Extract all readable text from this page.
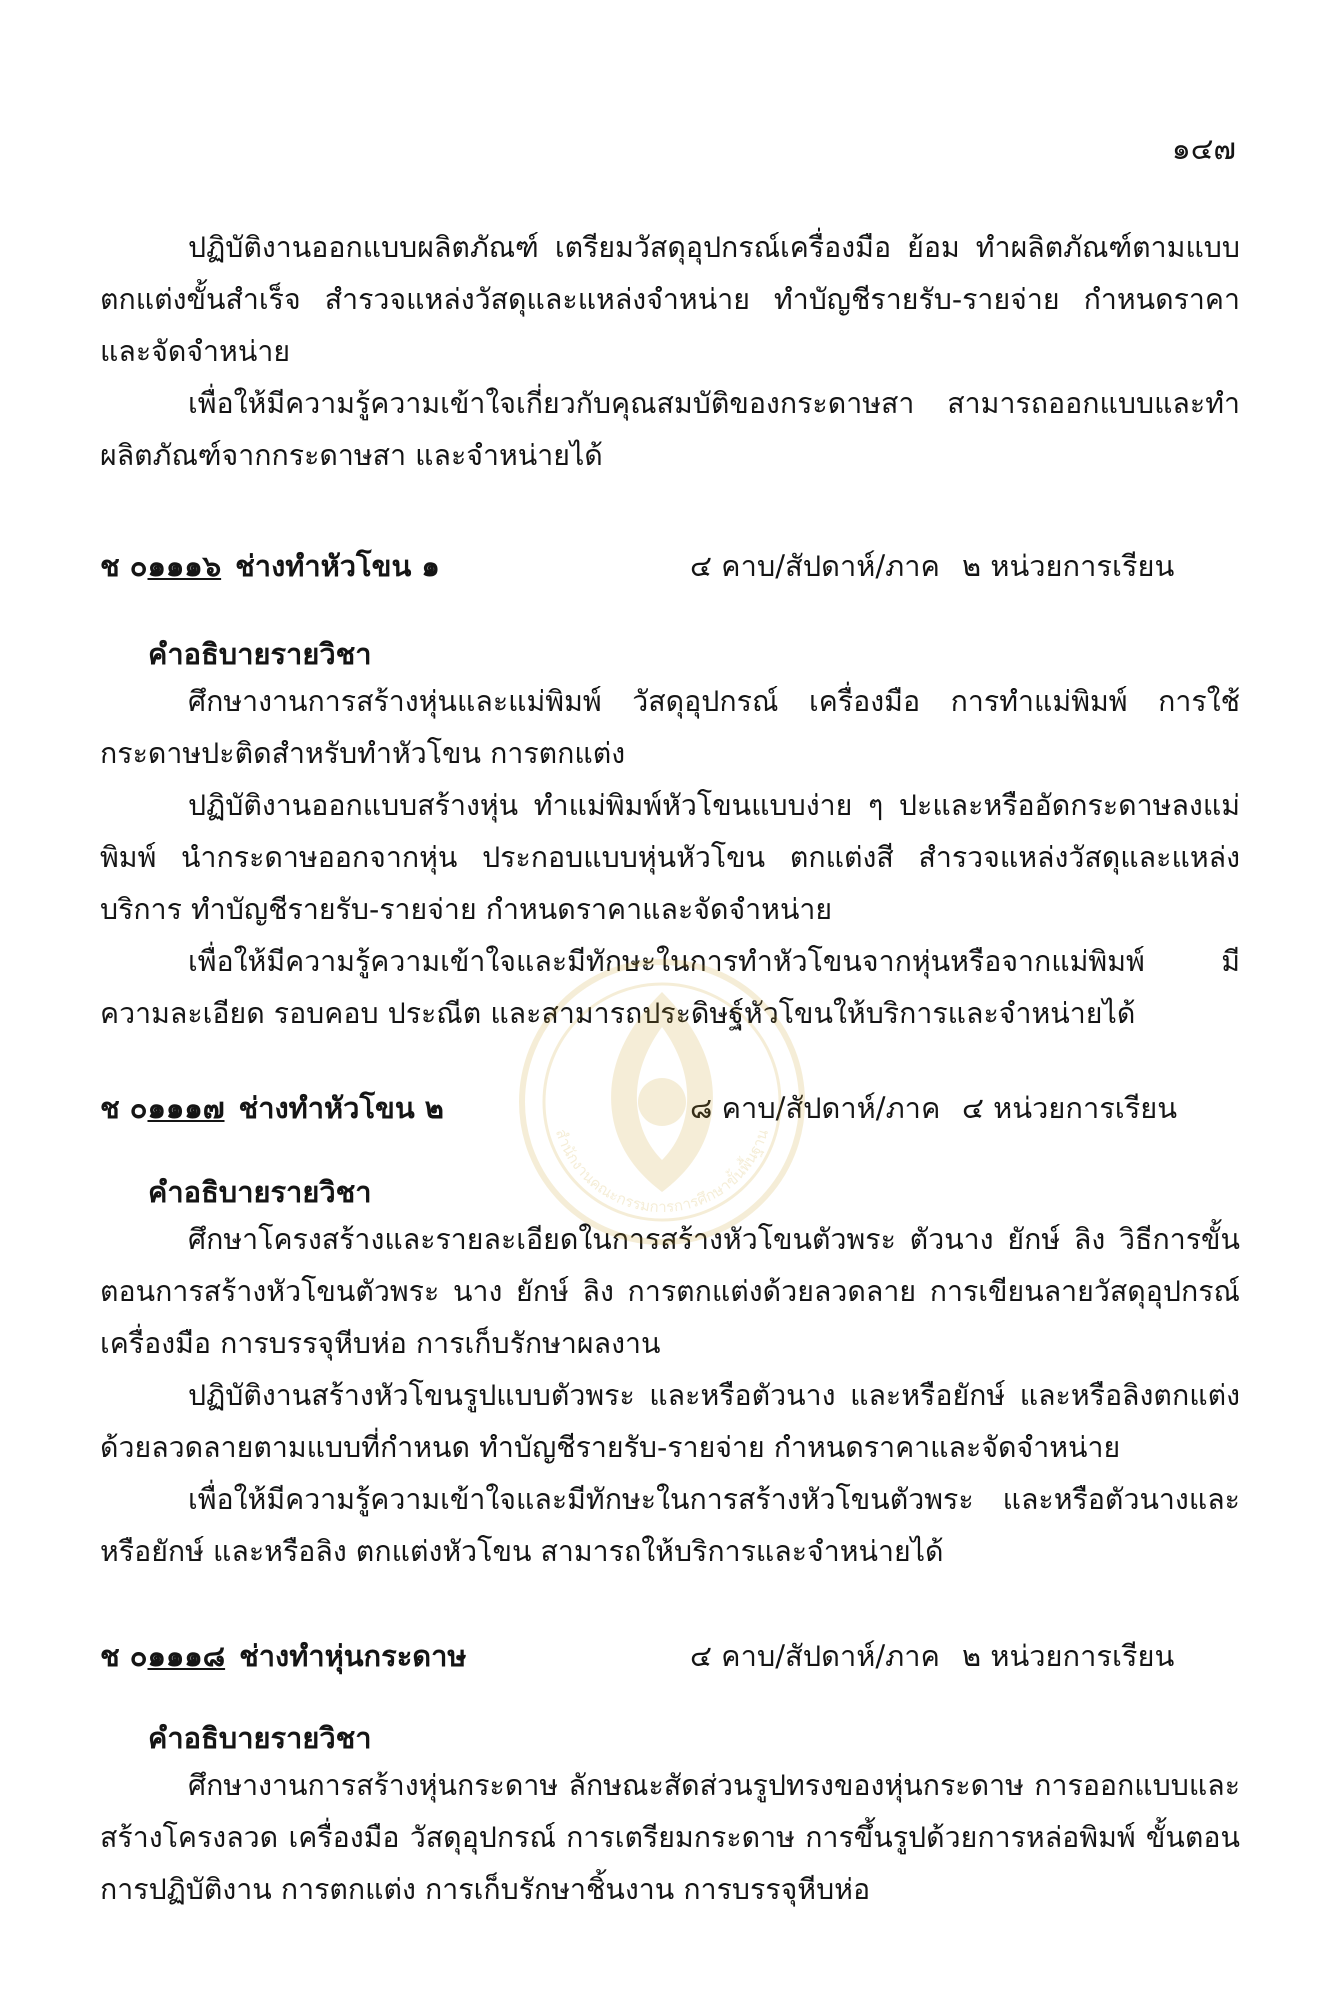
๑๔๗

ปฏิบัติงานออกแบบผลิตภัณฑ์ เตรียมวัสดุอุปกรณ์เครื่องมือ ย้อม ทำผลิตภัณฑ์ตามแบบ ตกแต่งขั้นสำเร็จ สำรวจแหล่งวัสดุและแหล่งจำหน่าย ทำบัญชีรายรับ-รายจ่าย กำหนดราคาและจัดจำหน่าย

เพื่อให้มีความรู้ความเข้าใจเกี่ยวกับคุณสมบัติของกระดาษสา สามารถออกแบบและทำผลิตภัณฑ์จากกระดาษสา และจำหน่ายได้

ช ๐๑๑๑๖ ช่างทำหัวโขน ๑	๔ คาบ/สัปดาห์/ภาค ๒ หน่วยการเรียน
คำอธิบายรายวิชา

ศึกษางานการสร้างหุ่นและแม่พิมพ์ วัสดุอุปกรณ์ เครื่องมือ การทำแม่พิมพ์ การใช้กระดาษปะติดสำหรับทำหัวโขน การตกแต่ง

ปฏิบัติงานออกแบบสร้างหุ่น ทำแม่พิมพ์หัวโขนแบบง่าย ๆ ปะและหรืออัดกระดาษลงแม่พิมพ์ นำกระดาษออกจากหุ่น ประกอบแบบหุ่นหัวโขน ตกแต่งสี สำรวจแหล่งวัสดุและแหล่งบริการ ทำบัญชีรายรับ-รายจ่าย กำหนดราคาและจัดจำหน่าย

เพื่อให้มีความรู้ความเข้าใจและมีทักษะในการทำหัวโขนจากหุ่นหรือจากแม่พิมพ์ มีความละเอียด รอบคอบ ประณีต และสามารถประดิษฐ์หัวโขนให้บริการและจำหน่ายได้

ช ๐๑๑๑๗ ช่างทำหัวโขน ๒	๘ คาบ/สัปดาห์/ภาค ๔ หน่วยการเรียน
คำอธิบายรายวิชา

ศึกษาโครงสร้างและรายละเอียดในการสร้างหัวโขนตัวพระ ตัวนาง ยักษ์ ลิง วิธีการขั้นตอนการสร้างหัวโขนตัวพระ นาง ยักษ์ ลิง การตกแต่งด้วยลวดลาย การเขียนลายวัสดุอุปกรณ์ เครื่องมือ การบรรจุหีบห่อ การเก็บรักษาผลงาน

ปฏิบัติงานสร้างหัวโขนรูปแบบตัวพระ และหรือตัวนาง และหรือยักษ์ และหรือลิงตกแต่งด้วยลวดลายตามแบบที่กำหนด ทำบัญชีรายรับ-รายจ่าย กำหนดราคาและจัดจำหน่าย

เพื่อให้มีความรู้ความเข้าใจและมีทักษะในการสร้างหัวโขนตัวพระ และหรือตัวนางและหรือยักษ์ และหรือลิง ตกแต่งหัวโขน สามารถให้บริการและจำหน่ายได้

ช ๐๑๑๑๘ ช่างทำหุ่นกระดาษ	๔ คาบ/สัปดาห์/ภาค ๒ หน่วยการเรียน
คำอธิบายรายวิชา

ศึกษางานการสร้างหุ่นกระดาษ ลักษณะสัดส่วนรูปทรงของหุ่นกระดาษ การออกแบบและสร้างโครงลวด เครื่องมือ วัสดุอุปกรณ์ การเตรียมกระดาษ การขึ้นรูปด้วยการหล่อพิมพ์ ขั้นตอนการปฏิบัติงาน การตกแต่ง การเก็บรักษาชิ้นงาน การบรรจุหีบห่อ

สำนักงานคณะกรรมการการศึกษาขั้นพื้นฐาน
